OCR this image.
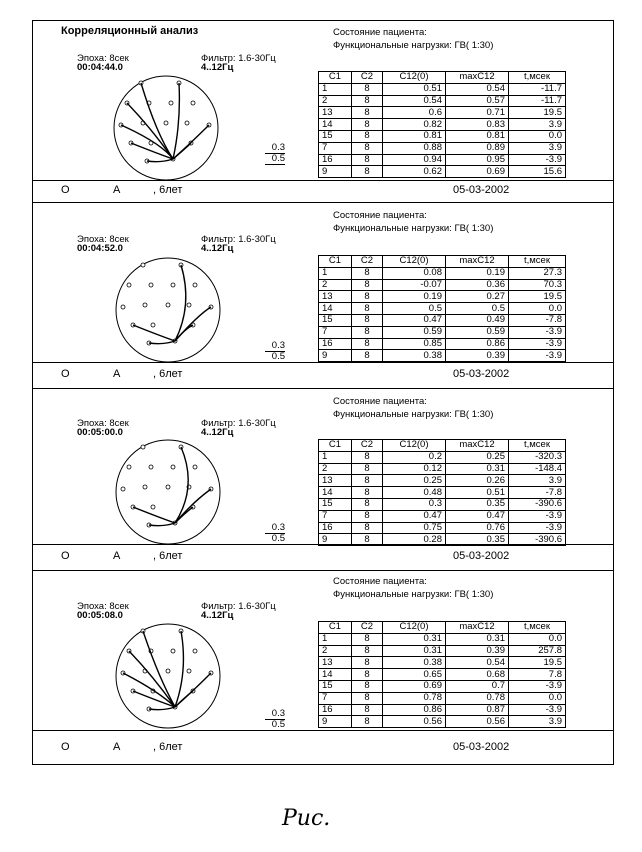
Корреляционный анализ
Эпоха: 8сек
00:04:44.0
Фильтр: 1.6-30Гц
4..12Гц
Состояние пациента:
Функциональные нагрузки: ГВ( 1:30)
0.3
0.5
C1	C2	C12(0)	maxC12	t,мсек
1	8	0.51	0.54	-11.7
2	8	0.54	0.57	-11.7
13	8	0.6	0.71	19.5
14	8	0.82	0.83	3.9
15	8	0.81	0.81	0.0
7	8	0.88	0.89	3.9
16	8	0.94	0.95	-3.9
9	8	0.62	0.69	15.6
О	А	, 6лет	05-03-2002
Эпоха: 8сек
00:04:52.0
Фильтр: 1.6-30Гц
4..12Гц
Состояние пациента:
Функциональные нагрузки: ГВ( 1:30)
0.3
0.5
C1	C2	C12(0)	maxC12	t,мсек
1	8	0.08	0.19	27.3
2	8	-0.07	0.36	70.3
13	8	0.19	0.27	19.5
14	8	0.5	0.5	0.0
15	8	0.47	0.49	-7.8
7	8	0.59	0.59	-3.9
16	8	0.85	0.86	-3.9
9	8	0.38	0.39	-3.9
О	А	, 6лет	05-03-2002
Эпоха: 8сек
00:05:00.0
Фильтр: 1.6-30Гц
4..12Гц
Состояние пациента:
Функциональные нагрузки: ГВ( 1:30)
0.3
0.5
C1	C2	C12(0)	maxC12	t,мсек
1	8	0.2	0.25	-320.3
2	8	0.12	0.31	-148.4
13	8	0.25	0.26	3.9
14	8	0.48	0.51	-7.8
15	8	0.3	0.35	-390.6
7	8	0.47	0.47	-3.9
16	8	0.75	0.76	-3.9
9	8	0.28	0.35	-390.6
О	А	, 6лет	05-03-2002
Эпоха: 8сек
00:05:08.0
Фильтр: 1.6-30Гц
4..12Гц
Состояние пациента:
Функциональные нагрузки: ГВ( 1:30)
0.3
0.5
C1	C2	C12(0)	maxC12	t,мсек
1	8	0.31	0.31	0.0
2	8	0.31	0.39	257.8
13	8	0.38	0.54	19.5
14	8	0.65	0.68	7.8
15	8	0.69	0.7	-3.9
7	8	0.78	0.78	0.0
16	8	0.86	0.87	-3.9
9	8	0.56	0.56	3.9
О	А	, 6лет	05-03-2002
Рис.
